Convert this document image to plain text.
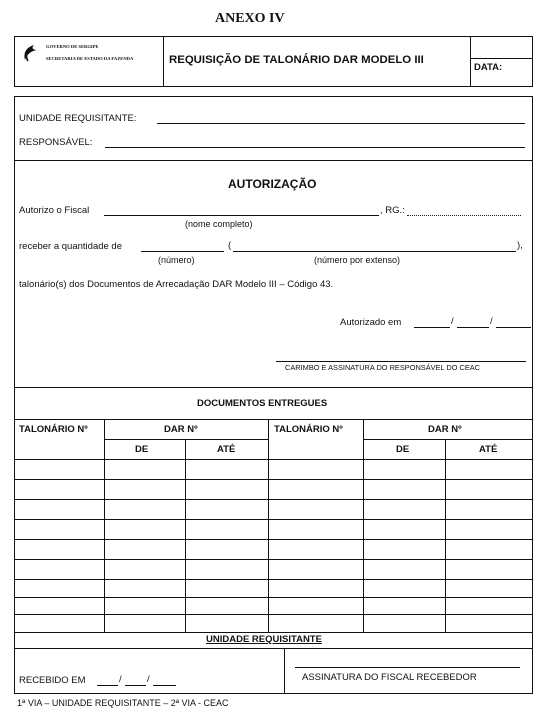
ANEXO IV
GOVERNO DE SERGIPE
SECRETARIA DE ESTADO DA FAZENDA	REQUISIÇÃO DE TALONÁRIO DAR MODELO III
DATA:
UNIDADE REQUISITANTE:
RESPONSÁVEL:
AUTORIZAÇÃO
Autorizo o Fiscal	, RG.:
(nome completo)
receber a quantidade de	(	),
(número)	(número por extenso)
talonário(s) dos Documentos de Arrecadação DAR Modelo III – Código 43.
Autorizado em	/	/
CARIMBO E ASSINATURA DO RESPONSÁVEL DO CEAC
DOCUMENTOS ENTREGUES
TALONÁRIO Nº	DAR Nº	TALONÁRIO Nº	DAR Nº
DE	ATÉ	DE	ATÉ
UNIDADE REQUISITANTE
RECEBIDO EM	/	/	ASSINATURA DO FISCAL RECEBEDOR
1ª VIA – UNIDADE REQUISITANTE – 2ª VIA - CEAC
